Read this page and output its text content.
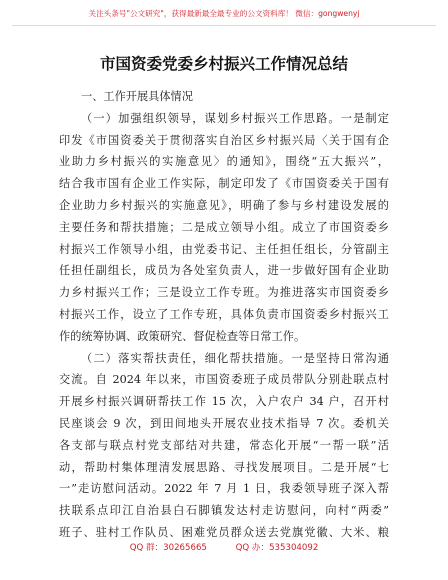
关注头条号"公文研究"，获得最新最全最专业的公文资料库！ 微信：gongwenyj
市国资委党委乡村振兴工作情况总结
一、工作开展具体情况
（一）加强组织领导，谋划乡村振兴工作思路。一是制定
印发《市国资委关于贯彻落实自治区乡村振兴局〈关于国有企
业助力乡村振兴的实施意见〉的通知》，围绕“五大振兴”，
结合我市国有企业工作实际，制定印发了《市国资委关于国有
企业助力乡村振兴的实施意见》，明确了参与乡村建设发展的
主要任务和帮扶措施；二是成立领导小组。成立了市国资委乡
村振兴工作领导小组，由党委书记、主任担任组长，分管副主
任担任副组长，成员为各处室负责人，进一步做好国有企业助
力乡村振兴工作；三是设立工作专班。为推进落实市国资委乡
村振兴工作，设立了工作专班，具体负责市国资委乡村振兴工
作的统筹协调、政策研究、督促检查等日常工作。
（二）落实帮扶责任，细化帮扶措施。一是坚持日常沟通
交流。自 2024 年以来，市国资委班子成员带队分别赴联点村
开展乡村振兴调研帮扶工作 15 次，入户农户 34 户，召开村
民座谈会 9 次，到田间地头开展农业技术指导 7 次。委机关
各支部与联点村党支部结对共建，常态化开展“一帮一联”活
动，帮助村集体理清发展思路、寻找发展项目。二是开展“七
一”走访慰问活动。2022 年 7 月 1 日，我委领导班子深入帮
扶联系点印江自治县白石脚镇发达村走访慰问，向村“两委”
班子、驻村工作队员、困难党员群众送去党旗党徽、大米、粮
QQ 群：30265665	QQ 办：535304092
